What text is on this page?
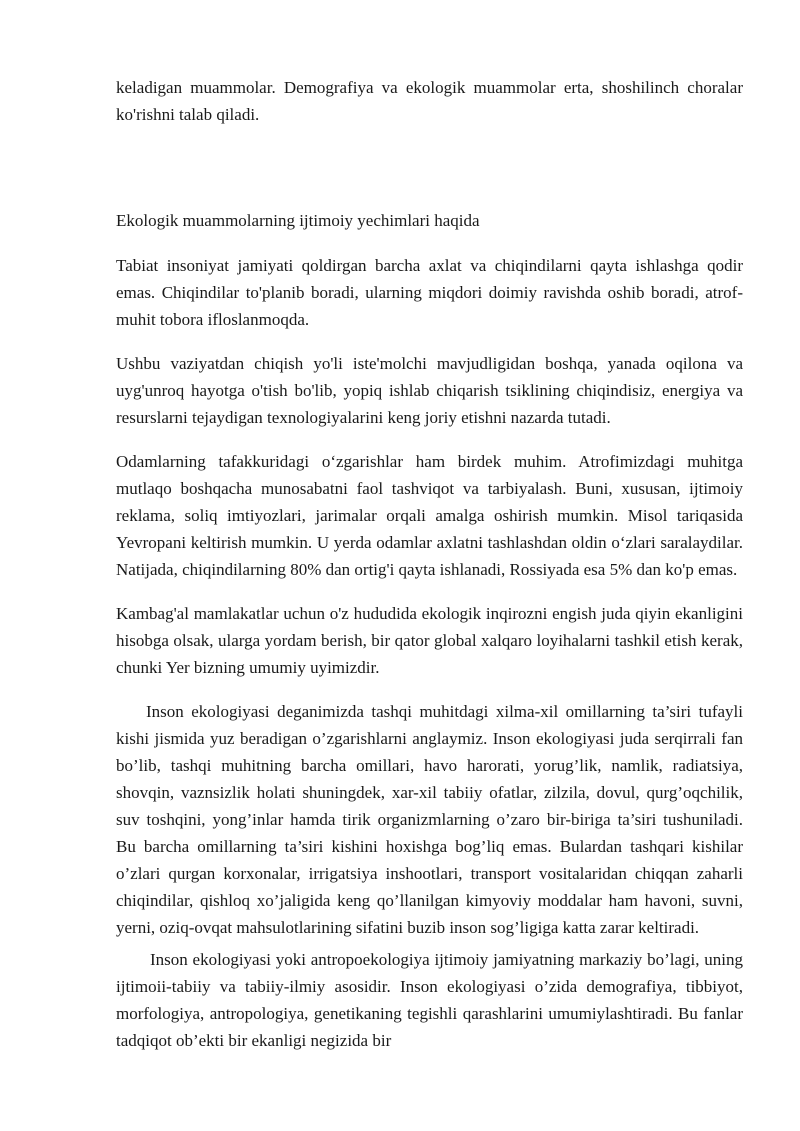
keladigan muammolar. Demografiya va ekologik muammolar erta, shoshilinch choralar ko'rishni talab qiladi.

Ekologik muammolarning ijtimoiy yechimlari haqida

Tabiat insoniyat jamiyati qoldirgan barcha axlat va chiqindilarni qayta ishlashga qodir emas. Chiqindilar to'planib boradi, ularning miqdori doimiy ravishda oshib boradi, atrof-muhit tobora ifloslanmoqda.

Ushbu vaziyatdan chiqish yo'li iste'molchi mavjudligidan boshqa, yanada oqilona va uyg'unroq hayotga o'tish bo'lib, yopiq ishlab chiqarish tsiklining chiqindisiz, energiya va resurslarni tejaydigan texnologiyalarini keng joriy etishni nazarda tutadi.

Odamlarning tafakkuridagi o‘zgarishlar ham birdek muhim. Atrofimizdagi muhitga mutlaqo boshqacha munosabatni faol tashviqot va tarbiyalash. Buni, xususan, ijtimoiy reklama, soliq imtiyozlari, jarimalar orqali amalga oshirish mumkin. Misol tariqasida Yevropani keltirish mumkin. U yerda odamlar axlatni tashlashdan oldin o‘zlari saralaydilar. Natijada, chiqindilarning 80% dan ortig'i qayta ishlanadi, Rossiyada esa 5% dan ko'p emas.

Kambag'al mamlakatlar uchun o'z hududida ekologik inqirozni engish juda qiyin ekanligini hisobga olsak, ularga yordam berish, bir qator global xalqaro loyihalarni tashkil etish kerak, chunki Yer bizning umumiy uyimizdir.

Inson ekologiyasi deganimizda tashqi muhitdagi xilma-xil omillarning ta’siri tufayli kishi jismida yuz beradigan o’zgarishlarni anglaymiz. Inson ekologiyasi juda serqirrali fan bo’lib, tashqi muhitning barcha omillari, havo harorati, yorug’lik, namlik, radiatsiya, shovqin, vaznsizlik holati shuningdek, xar-xil tabiiy ofatlar, zilzila, dovul, qurg’oqchilik, suv toshqini, yong’inlar hamda tirik organizmlarning o’zaro bir-biriga ta’siri tushuniladi. Bu barcha omillarning ta’siri kishini hoxishga bog’liq emas. Bulardan tashqari kishilar o’zlari qurgan korxonalar, irrigatsiya inshootlari, transport vositalaridan chiqqan zaharli chiqindilar, qishloq xo’jaligida keng qo’llanilgan kimyoviy moddalar ham havoni, suvni, yerni, oziq-ovqat mahsulotlarining sifatini buzib inson sog’ligiga katta zarar keltiradi.

Inson ekologiyasi yoki antropoekologiya ijtimoiy jamiyatning markaziy bo’lagi, uning ijtimoii-tabiiy va tabiiy-ilmiy asosidir. Inson ekologiyasi o’zida demografiya, tibbiyot, morfologiya, antropologiya, genetikaning tegishli qarashlarini umumiylashtiradi. Bu fanlar tadqiqot ob’ekti bir ekanligi negizida bir
